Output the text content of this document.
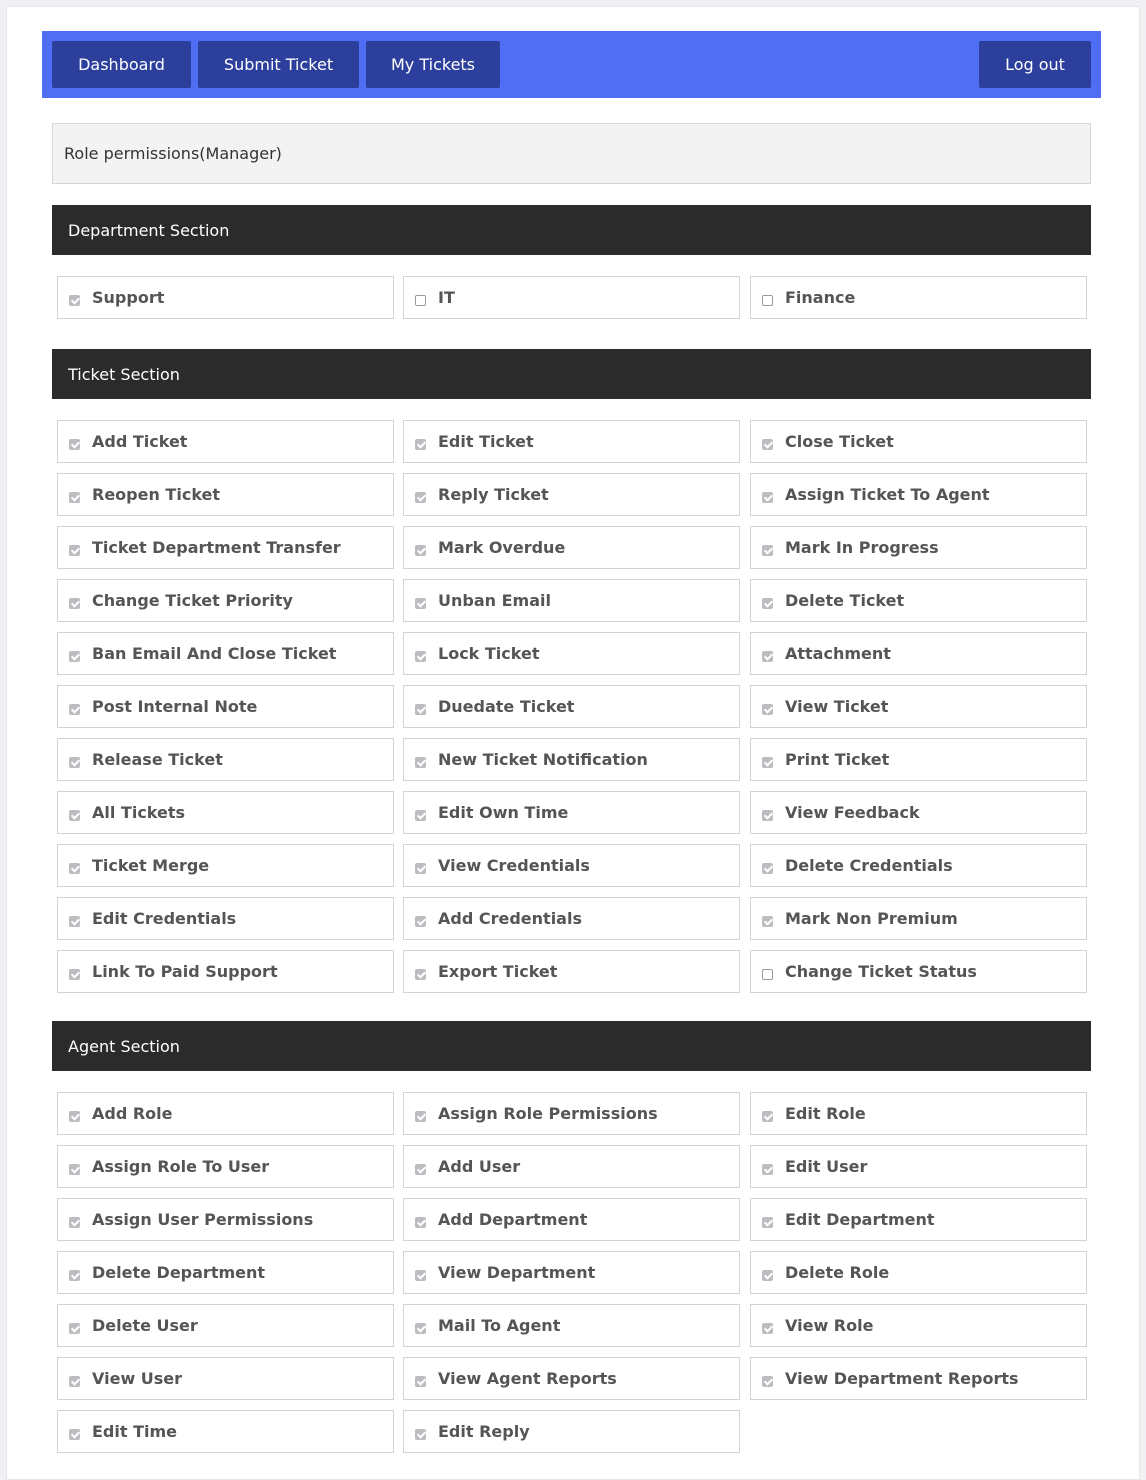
Dashboard	Submit Ticket	My Tickets	Log out
Role permissions(Manager)
Department Section
Support	IT	Finance
Ticket Section
Add Ticket	Edit Ticket	Close Ticket
Reopen Ticket	Reply Ticket	Assign Ticket To Agent
Ticket Department Transfer	Mark Overdue	Mark In Progress
Change Ticket Priority	Unban Email	Delete Ticket
Ban Email And Close Ticket	Lock Ticket	Attachment
Post Internal Note	Duedate Ticket	View Ticket
Release Ticket	New Ticket Notification	Print Ticket
All Tickets	Edit Own Time	View Feedback
Ticket Merge	View Credentials	Delete Credentials
Edit Credentials	Add Credentials	Mark Non Premium
Link To Paid Support	Export Ticket	Change Ticket Status
Agent Section
Add Role	Assign Role Permissions	Edit Role
Assign Role To User	Add User	Edit User
Assign User Permissions	Add Department	Edit Department
Delete Department	View Department	Delete Role
Delete User	Mail To Agent	View Role
View User	View Agent Reports	View Department Reports
Edit Time	Edit Reply
